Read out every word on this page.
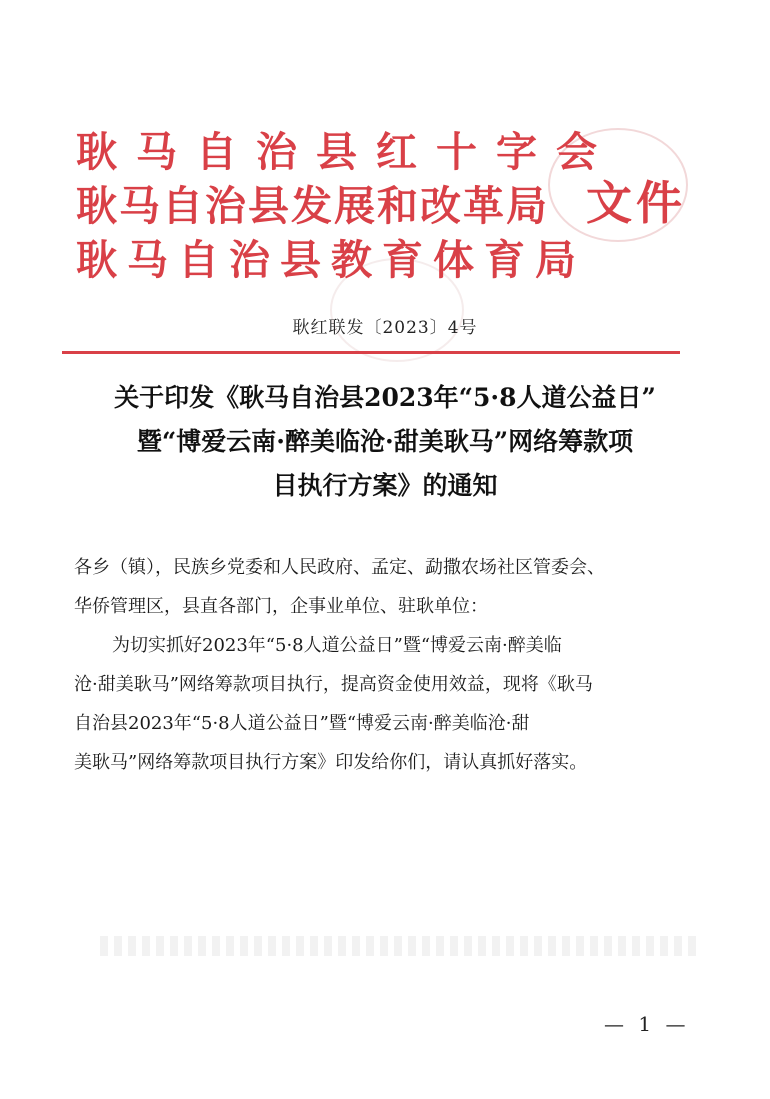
耿马自治县红十字会
耿马自治县发展和改革局
耿马自治县教育体育局
文件
耿红联发〔2023〕4号
关于印发《耿马自治县2023年“5·8人道公益日”
暨“博爱云南·醉美临沧·甜美耿马”网络筹款项
目执行方案》的通知
各乡（镇），民族乡党委和人民政府、孟定、勐撒农场社区管委会、
华侨管理区，县直各部门，企事业单位、驻耿单位：
为切实抓好2023年“5·8人道公益日”暨“博爱云南·醉美临
沧·甜美耿马”网络筹款项目执行，提高资金使用效益，现将《耿马
自治县2023年“5·8人道公益日”暨“博爱云南·醉美临沧·甜
美耿马”网络筹款项目执行方案》印发给你们，请认真抓好落实。
— 1 —
